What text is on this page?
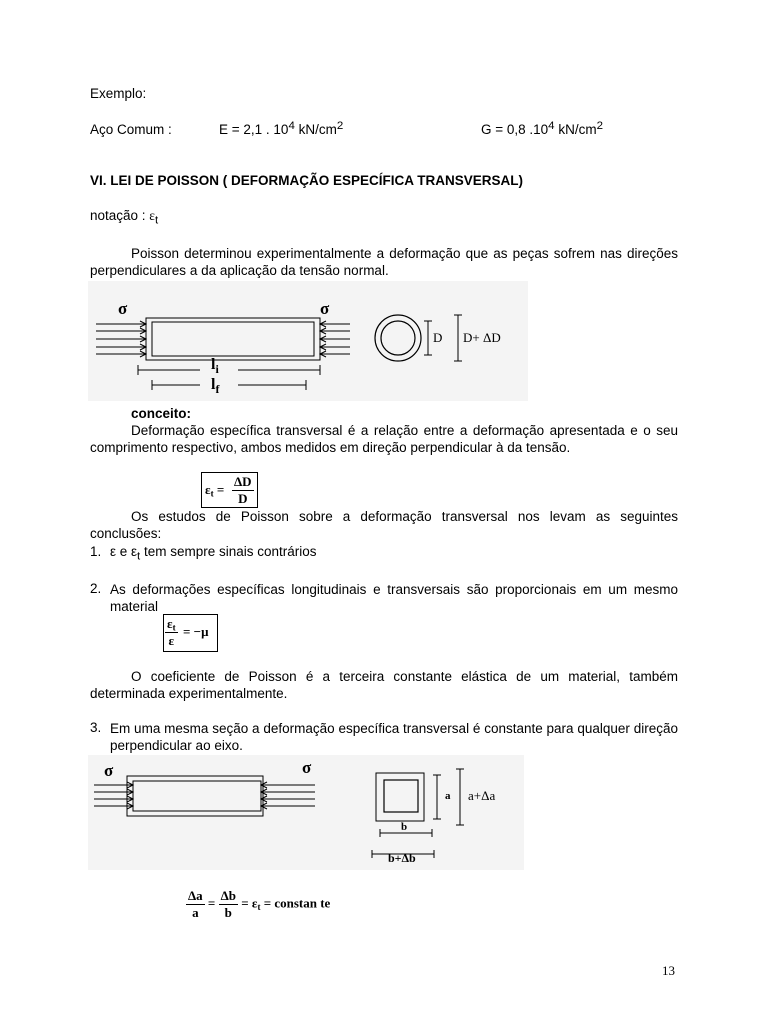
Exemplo:
Aço Comum :	E = 2,1 . $10^4$ $kN/cm^2$	G = 0,8 $.10^4$ $kN/cm^2$
VI. LEI DE POISSON ( DEFORMAÇÃO ESPECÍFICA TRANSVERSAL)
notação : $\varepsilon_t$
Poisson determinou experimentalmente a deformação que as peças sofrem nas direções perpendiculares a da aplicação da tensão normal.
σ	σ
$l_i$
$l_f$
D D+ ΔD
conceito:
Deformação específica transversal é a relação entre a deformação apresentada e o seu comprimento respectivo, ambos medidos em direção perpendicular à da tensão.
$\varepsilon_t = \frac{\Delta D}{D}$
Os estudos de Poisson sobre a deformação transversal nos levam as seguintes conclusões:
1. ε e $\varepsilon_t$ tem sempre sinais contrários
2. As deformações específicas longitudinais e transversais são proporcionais em um mesmo material
$\frac{\varepsilon_t}{\varepsilon} = -\mu$
O coeficiente de Poisson é a terceira constante elástica de um material, também determinada experimentalmente.
3. Em uma mesma seção a deformação específica transversal é constante para qualquer direção perpendicular ao eixo.
σ	σ
a a+Δa
b
b+Δb
$\frac{\Delta a}{a} = \frac{\Delta b}{b} = \varepsilon_t$ = constan te
13
